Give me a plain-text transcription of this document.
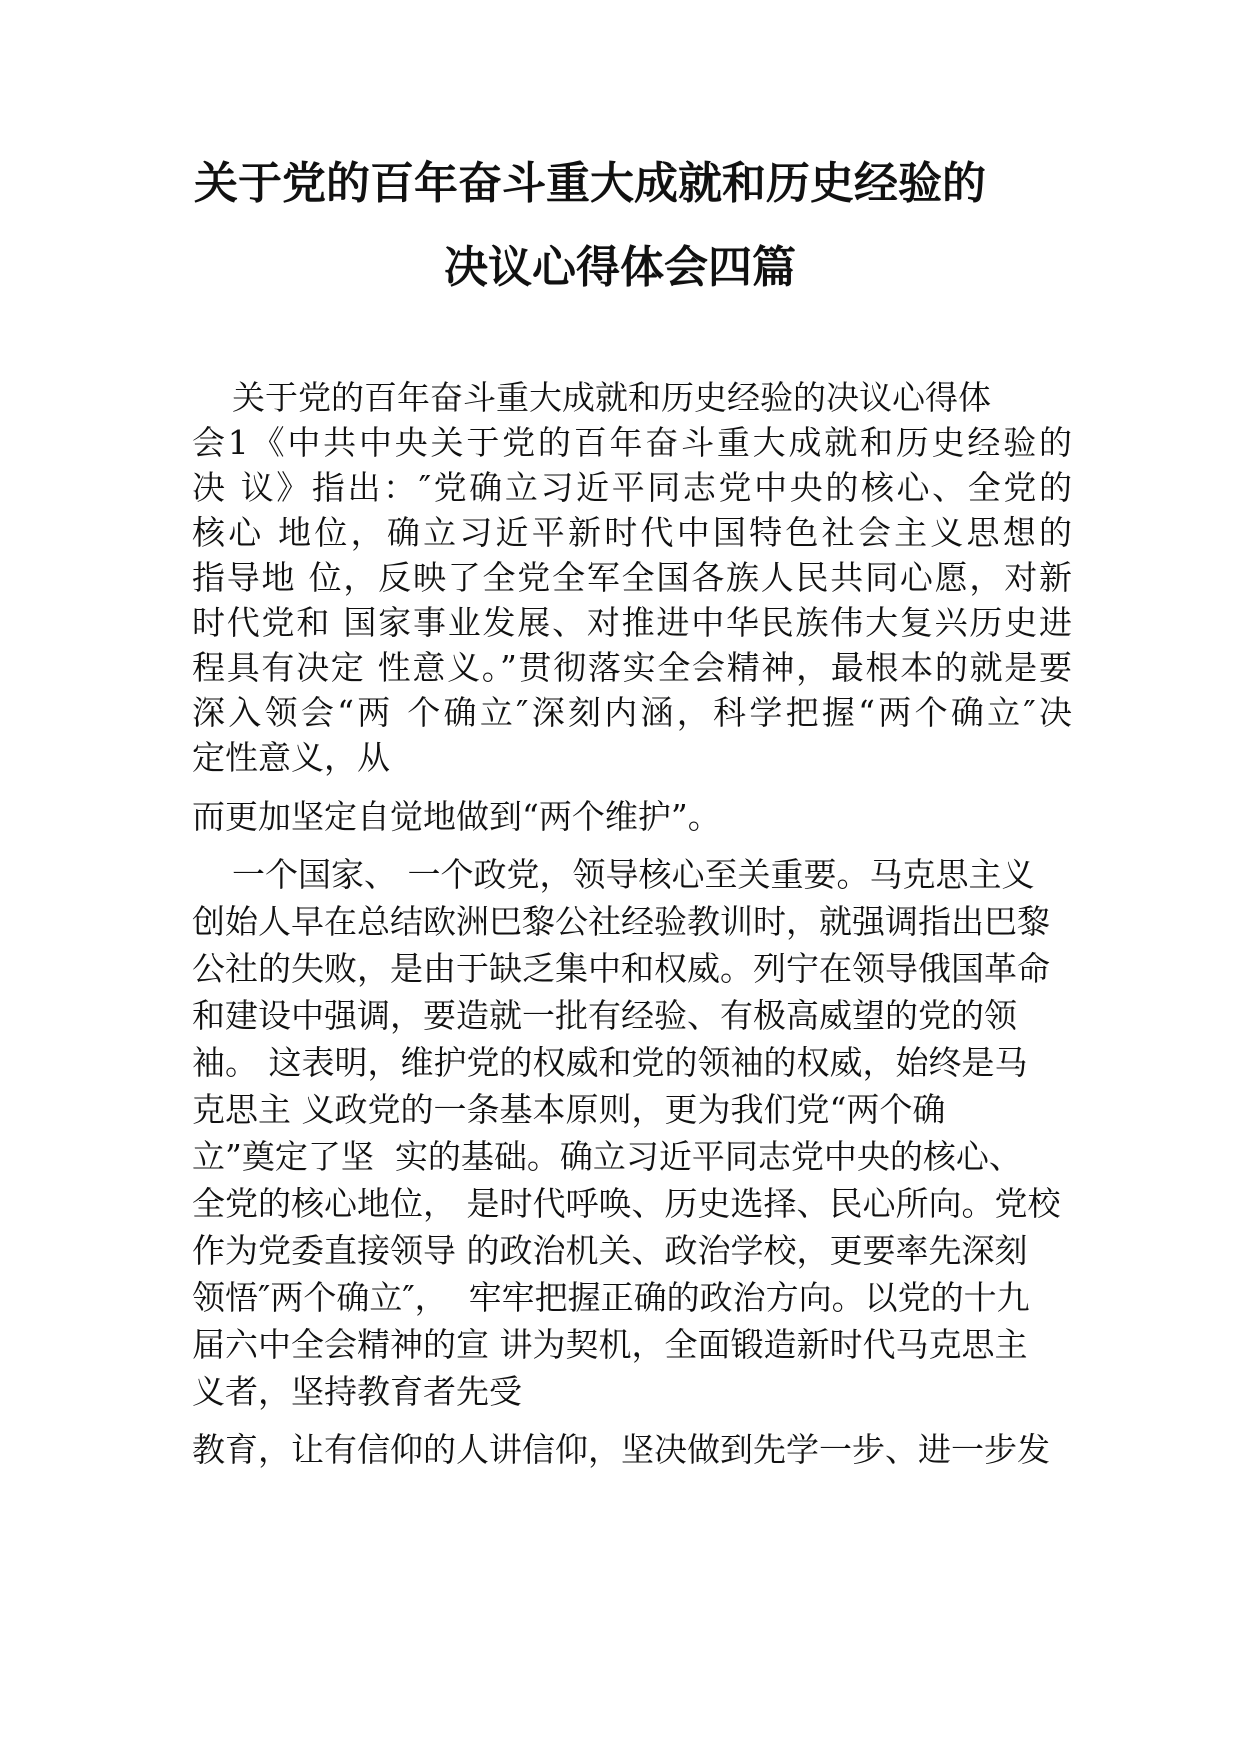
关于党的百年奋斗重大成就和历史经验的
决议心得体会四篇
关于党的百年奋斗重大成就和历史经验的决议心得体
会1《中共中央关于党的百年奋斗重大成就和历史经验的
决 议》指出：″党确立习近平同志党中央的核心、全党的
核心 地位，确立习近平新时代中国特色社会主义思想的
指导地 位，反映了全党全军全国各族人民共同心愿，对新
时代党和 国家事业发展、对推进中华民族伟大复兴历史进
程具有决定 性意义。”贯彻落实全会精神，最根本的就是要
深入领会“两 个确立″深刻内涵，科学把握“两个确立″决
定性意义，从
而更加坚定自觉地做到“两个维护”。
一个国家、 一个政党，领导核心至关重要。马克思主义
创始人早在总结欧洲巴黎公社经验教训时，就强调指出巴黎
公社的失败，是由于缺乏集中和权威。列宁在领导俄国革命
和建设中强调，要造就一批有经验、有极高威望的党的领
袖。 这表明，维护党的权威和党的领袖的权威，始终是马
克思主 义政党的一条基本原则，更为我们党“两个确
立”奠定了坚  实的基础。确立习近平同志党中央的核心、
全党的核心地位， 是时代呼唤、历史选择、民心所向。党校
作为党委直接领导 的政治机关、政治学校，更要率先深刻
领悟″两个确立″，  牢牢把握正确的政治方向。以党的十九
届六中全会精神的宣 讲为契机，全面锻造新时代马克思主
义者，坚持教育者先受
教育，让有信仰的人讲信仰，坚决做到先学一步、进一步发
